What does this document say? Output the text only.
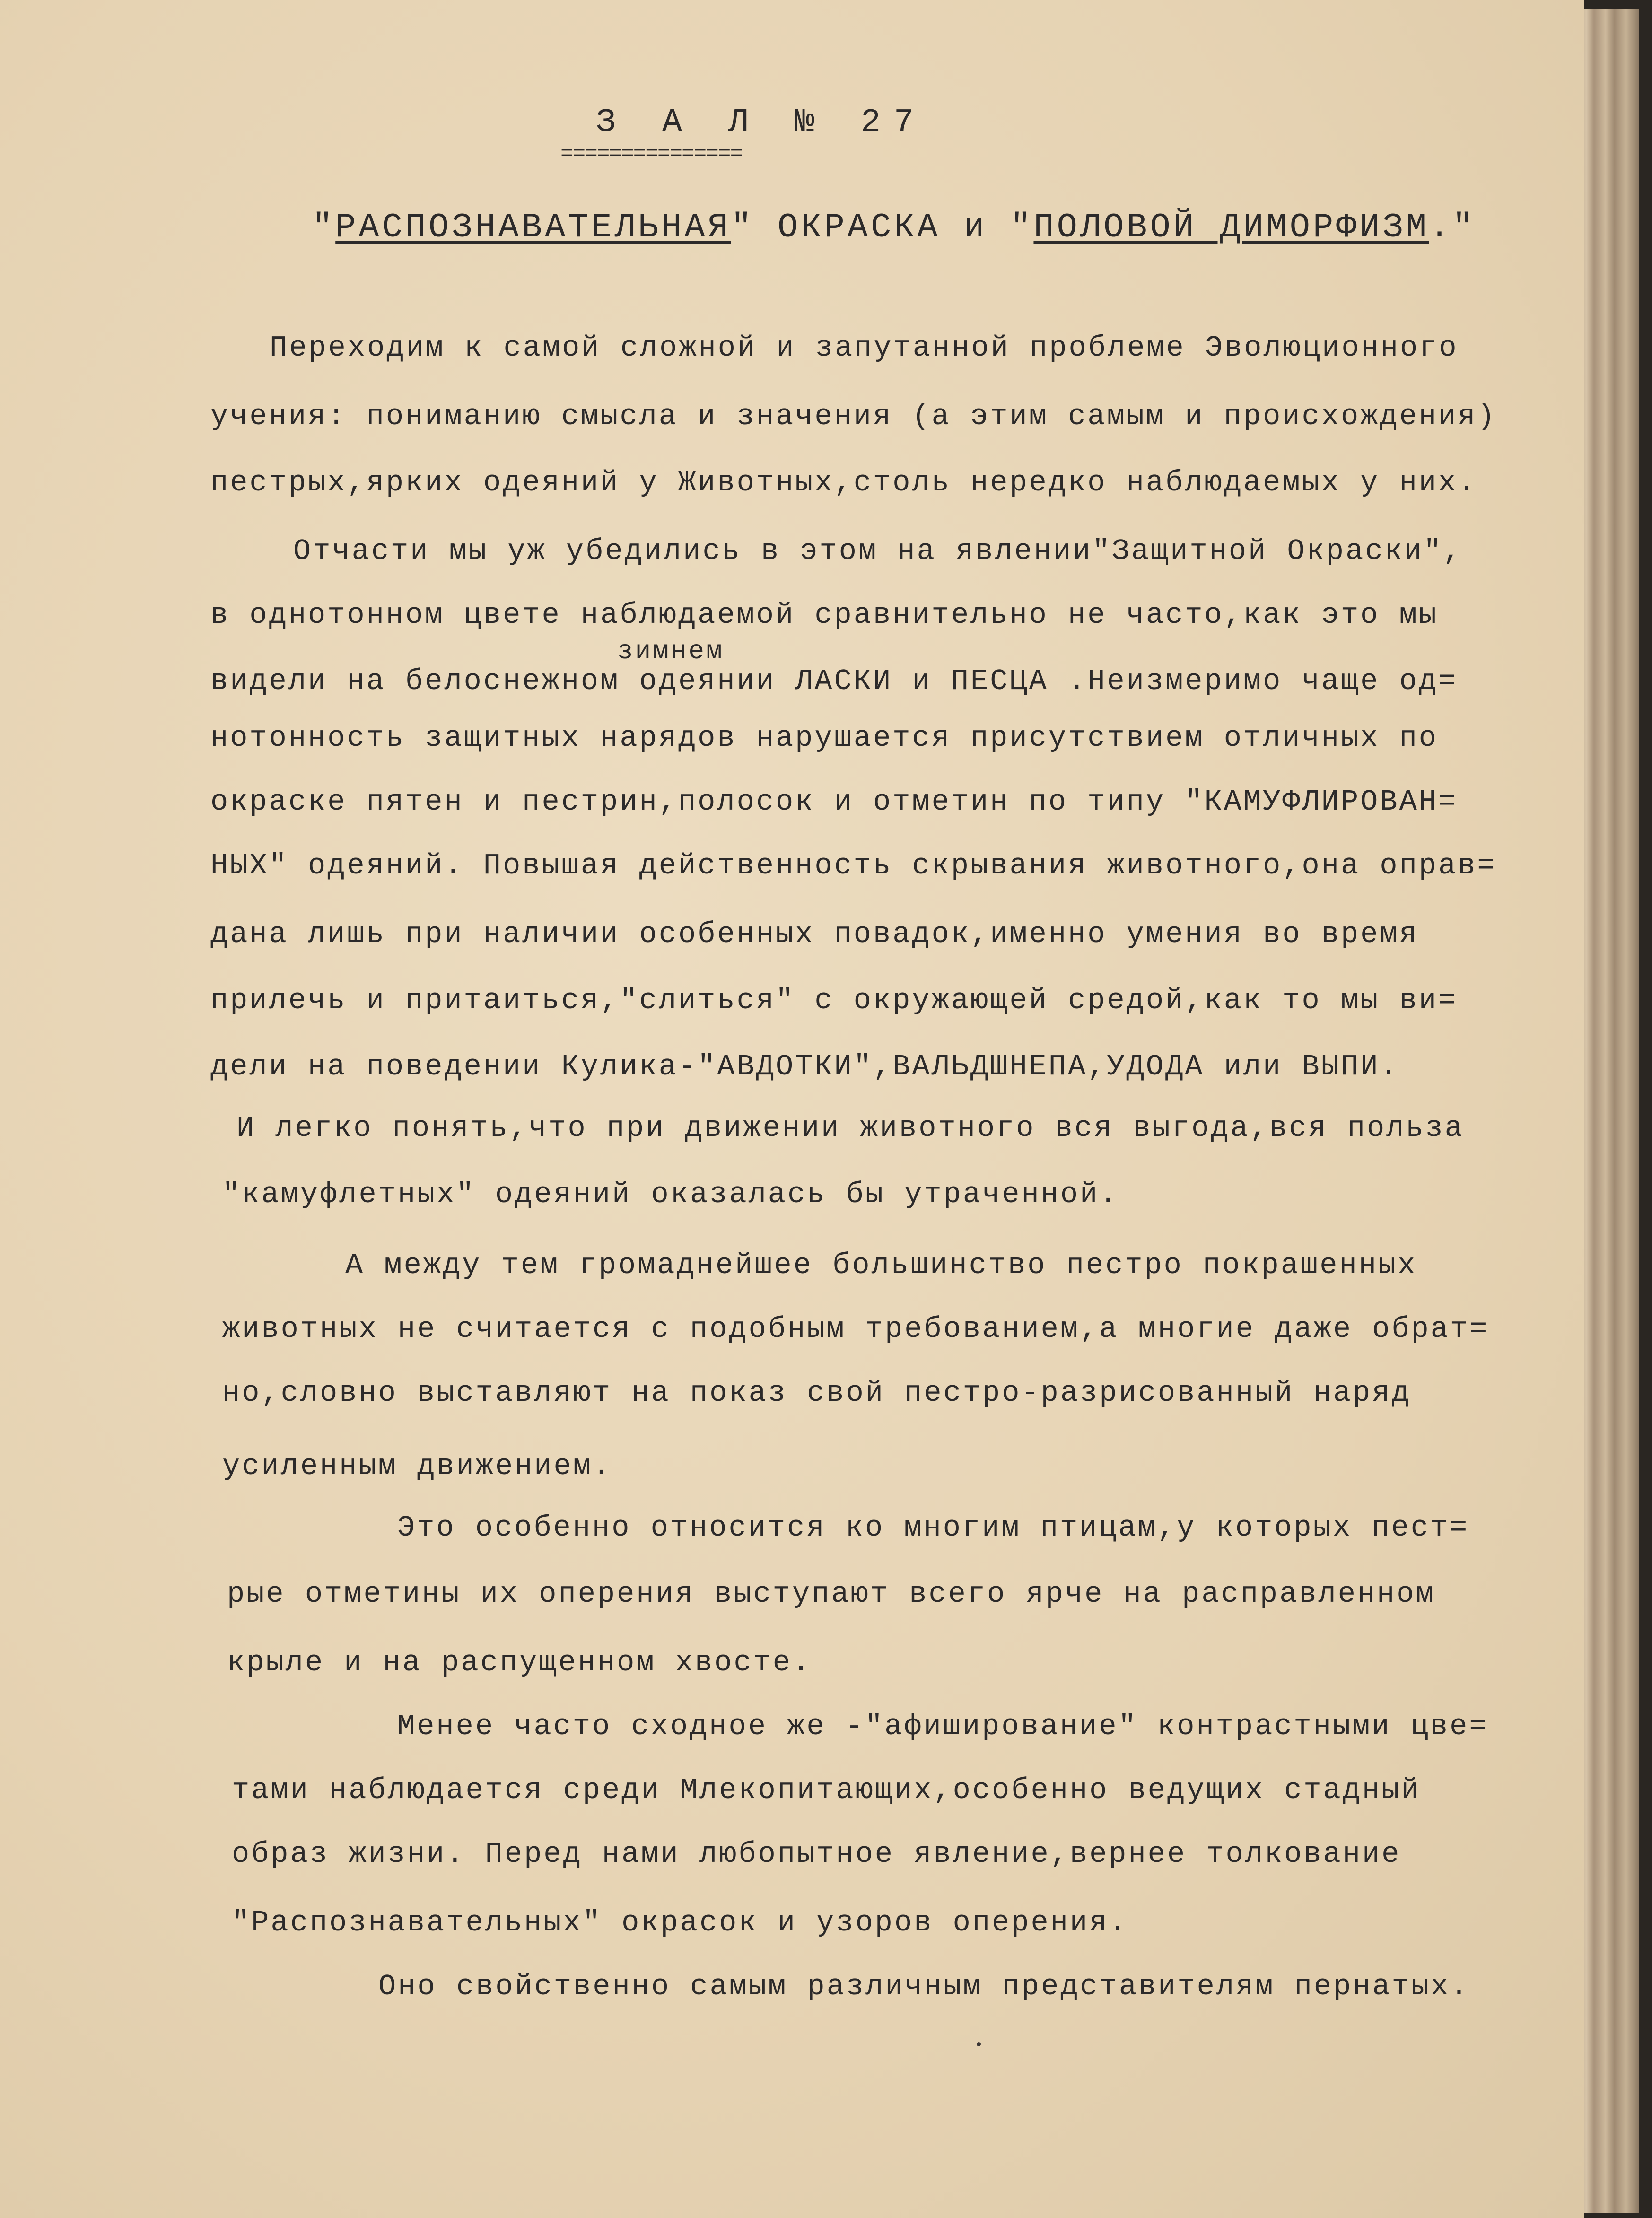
З А Л № 27
===============
"РАСПОЗНАВАТЕЛЬНАЯ" ОКРАСКА и "ПОЛОВОЙ ДИМОРФИЗМ."
зимнем
Переходим к самой сложной и запутанной проблеме Эволюционного
учения: пониманию смысла и значения (а этим самым и происхождения)
пестрых,ярких одеяний у Животных,столь нередко наблюдаемых у них.
Отчасти мы уж убедились в этом на явлении"Защитной Окраски",
в однотонном цвете наблюдаемой сравнительно не часто,как это мы
видели на белоснежном одеянии ЛАСКИ и ПЕСЦА .Неизмеримо чаще од=
нотонность защитных нарядов нарушается присутствием отличных по
окраске пятен и пестрин,полосок и отметин по типу "КАМУФЛИРОВАН=
НЫХ" одеяний. Повышая действенность скрывания животного,она оправ=
дана лишь при наличии особенных повадок,именно умения во время
прилечь и притаиться,"слиться" с окружающей средой,как то мы ви=
дели на поведении Кулика-"АВДОТКИ",ВАЛЬДШНЕПА,УДОДА или ВЫПИ.
И легко понять,что при движении животного вся выгода,вся польза
"камуфлетных" одеяний оказалась бы утраченной.
А между тем громаднейшее большинство пестро покрашенных
животных не считается с подобным требованием,а многие даже обрат=
но,словно выставляют на показ свой пестро-разрисованный наряд
усиленным движением.
Это особенно относится ко многим птицам,у которых пест=
рые отметины их оперения выступают всего ярче на расправленном
крыле и на распущенном хвосте.
Менее часто сходное же -"афиширование" контрастными цве=
тами наблюдается среди Млекопитающих,особенно ведущих стадный
образ жизни. Перед нами любопытное явление,вернее толкование
"Распознавательных" окрасок и узоров оперения.
Оно свойственно самым различным представителям пернатых.
